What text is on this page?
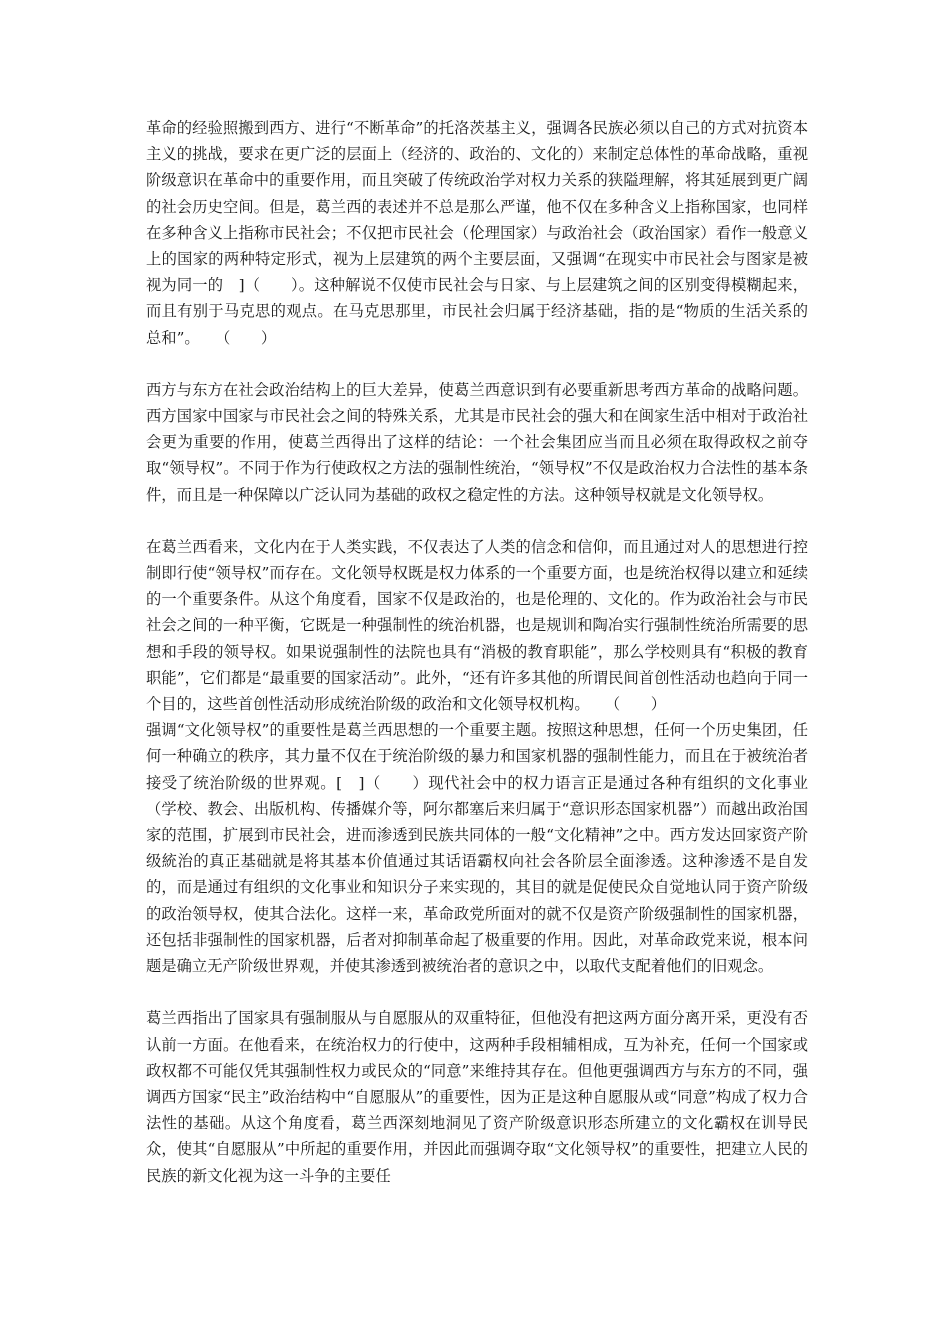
革命的经验照搬到西方、进行“不断革命”的托洛茨基主义，强调各民族必须以自己的方式对抗资本主义的挑战，要求在更广泛的层面上（经济的、政治的、文化的）来制定总体性的革命战略，重视阶级意识在革命中的重要作用，而且突破了传统政治学对权力关系的狭隘理解，将其延展到更广阔的社会历史空间。但是，葛兰西的表述并不总是那么严谨，他不仅在多种含义上指称国家，也同样在多种含义上指称市民社会；不仅把市民社会（伦理国家）与政治社会（政治国家）看作一般意义上的国家的两种特定形式，视为上层建筑的两个主要层面，又强调“在现实中市民社会与图家是被视为同一的　]（　　）。这种解说不仅使市民社会与日家、与上层建筑之间的区别变得模糊起来，而且有别于马克思的观点。在马克思那里，市民社会归属于经济基础，指的是“物质的生活关系的总和”。　　（　　）

西方与东方在社会政治结构上的巨大差异，使葛兰西意识到有必要重新思考西方革命的战略问题。西方国家中国家与市民社会之间的特殊关系，尤其是市民社会的强大和在闽家生活中相对于政治社会更为重要的作用，使葛兰西得出了这样的结论：一个社会集团应当而且必须在取得政权之前夺取“领导权”。不同于作为行使政权之方法的强制性统治，“领导权”不仅是政治权力合法性的基本条件，而且是一种保障以广泛认同为基础的政权之稳定性的方法。这种领导权就是文化领导权。

在葛兰西看来，文化内在于人类实践，不仅表达了人类的信念和信仰，而且通过对人的思想进行控制即行使“领导权”而存在。文化领导权既是权力体系的一个重要方面，也是统治权得以建立和延续的一个重要条件。从这个角度看，国家不仅是政治的，也是伦理的、文化的。作为政治社会与市民社会之间的一种平衡，它既是一种强制性的统治机器，也是规训和陶冶实行强制性统治所需要的思想和手段的领导权。如果说强制性的法院也具有“消极的教育职能”，那么学校则具有“积极的教育职能”，它们都是“最重要的国家活动”。此外，“还有许多其他的所谓民间首创性活动也趋向于同一个目的，这些首创性活动形成统治阶级的政治和文化领导权机构。　　（　　）

强调“文化领导权”的重要性是葛兰西思想的一个重要主题。按照这种思想，任何一个历史集团，任何一种确立的秩序，其力量不仅在于统治阶级的暴力和国家机器的强制性能力，而且在于被统治者接受了统治阶级的世界观。[　]（　　）现代社会中的权力语言正是通过各种有组织的文化事业（学校、教会、出版机构、传播媒介等，阿尔都塞后来归属于“意识形态国家机器”）而越出政治国家的范围，扩展到市民社会，进而渗透到民族共同体的一般“文化精神”之中。西方发达回家资产阶级統治的真正基础就是将其基本价值通过其话语霸权向社会各阶层全面渗透。这种渗透不是自发的，而是通过有组织的文化事业和知识分子来实现的，其目的就是促使民众自觉地认同于资产阶级的政治领导权，使其合法化。这样一来，革命政党所面对的就不仅是资产阶级强制性的国家机器，还包括非强制性的国家机器，后者对抑制革命起了极重要的作用。因此，对革命政党来说，根本问题是确立无产阶级世界观，并使其渗透到被统治者的意识之中，以取代支配着他们的旧观念。

葛兰西指出了国家具有强制服从与自愿服从的双重特征，但他没有把这两方面分离开采，更没有否认前一方面。在他看来，在统治权力的行使中，这两种手段相辅相成，互为补充，任何一个国家或政权都不可能仅凭其强制性权力或民众的“同意”来维持其存在。但他更强调西方与东方的不同，强调西方国家“民主”政治结构中“自愿服从”的重要性，因为正是这种自愿服从或“同意”构成了权力合法性的基础。从这个角度看，葛兰西深刻地洞见了资产阶级意识形态所建立的文化霸权在训导民众，使其“自愿服从”中所起的重要作用，并因此而强调夺取“文化领导权”的重要性，把建立人民的民族的新文化视为这一斗争的主要任
